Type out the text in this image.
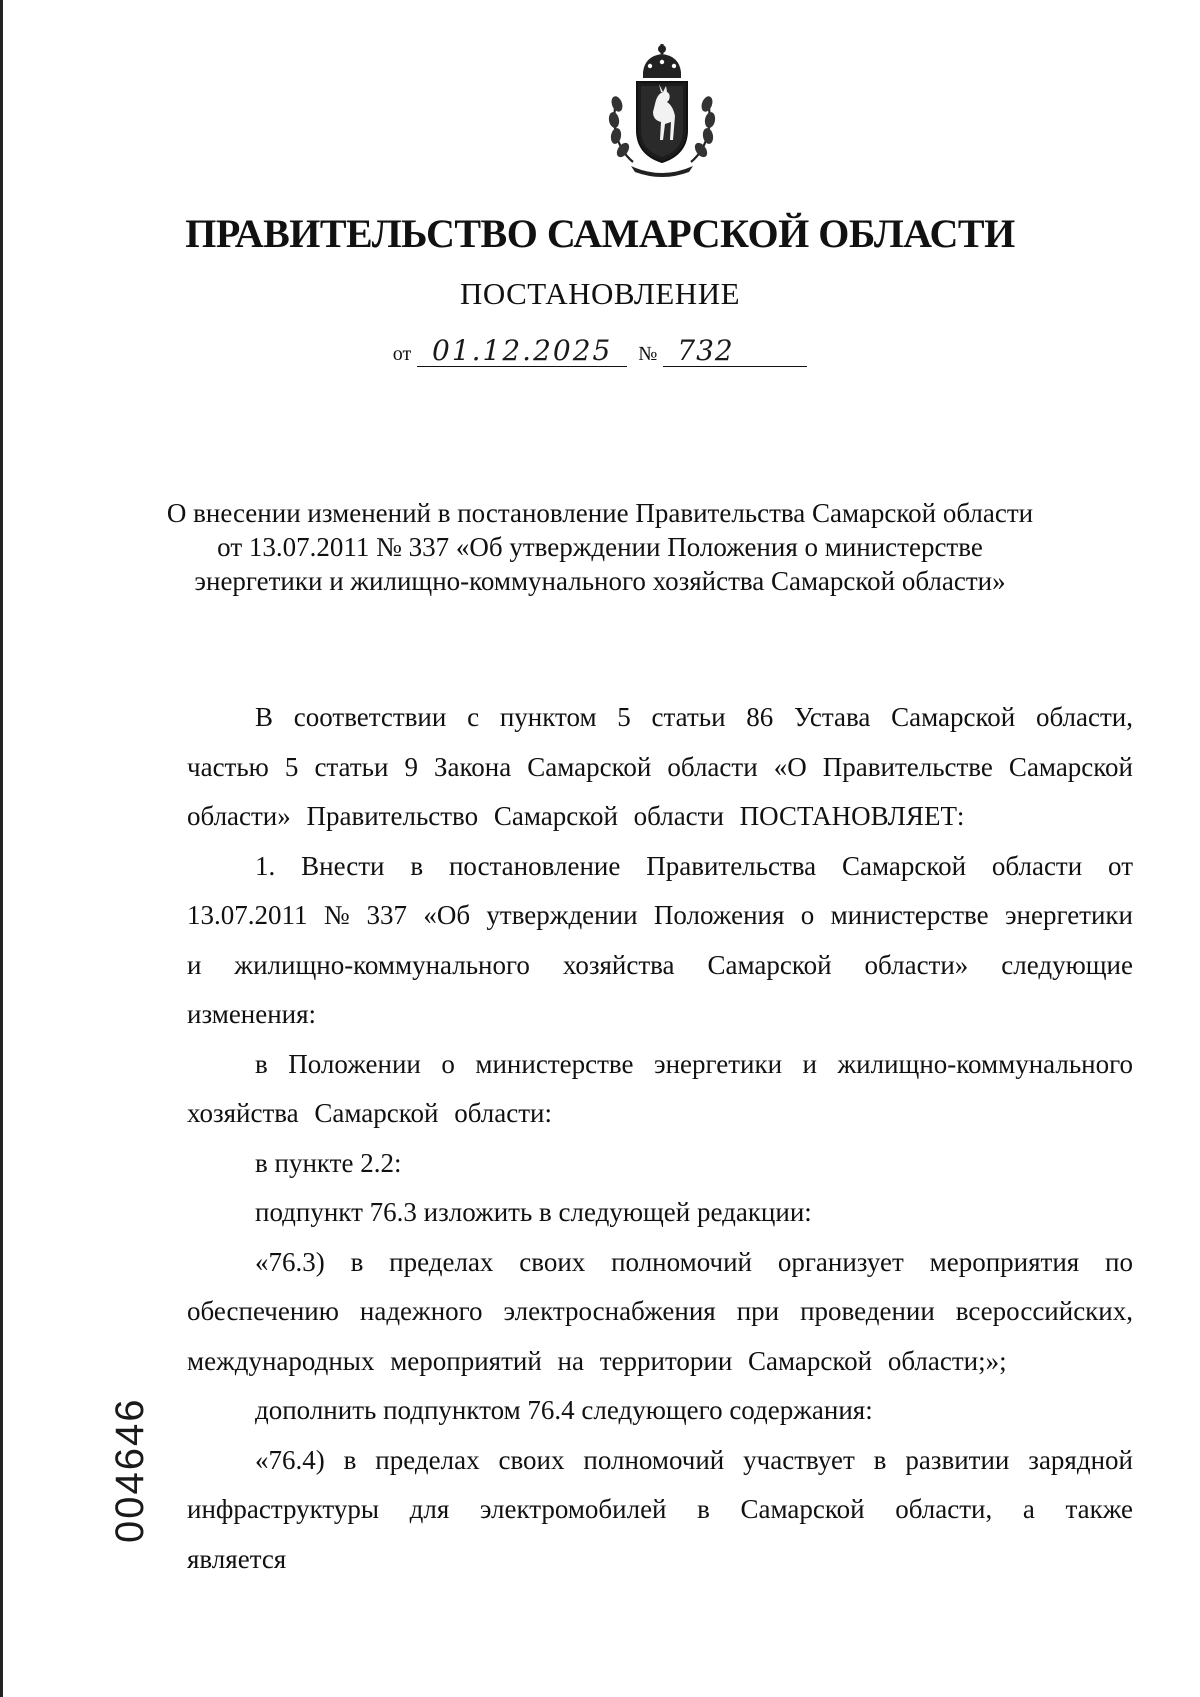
ПРАВИТЕЛЬСТВО САМАРСКОЙ ОБЛАСТИ
ПОСТАНОВЛЕНИЕ
от 01.12.2025 № 732
О внесении изменений в постановление Правительства Самарской области
от 13.07.2011 № 337 «Об утверждении Положения о министерстве
энергетики и жилищно-коммунального хозяйства Самарской области»

В соответствии с пунктом 5 статьи 86 Устава Самарской области, частью 5 статьи 9 Закона Самарской области «О Правительстве Самарской области» Правительство Самарской области ПОСТАНОВЛЯЕТ:

1. Внести в постановление Правительства Самарской области от 13.07.2011 № 337 «Об утверждении Положения о министерстве энергетики и жилищно-коммунального хозяйства Самарской области» следующие изменения:

в Положении о министерстве энергетики и жилищно-коммунального хозяйства Самарской области:

в пункте 2.2:

подпункт 76.3 изложить в следующей редакции:

«76.3) в пределах своих полномочий организует мероприятия по обеспечению надежного электроснабжения при проведении всероссийских, международных мероприятий на территории Самарской области;»;

дополнить подпунктом 76.4 следующего содержания:

«76.4) в пределах своих полномочий участвует в развитии зарядной инфраструктуры для электромобилей в Самарской области, а также является

004646
